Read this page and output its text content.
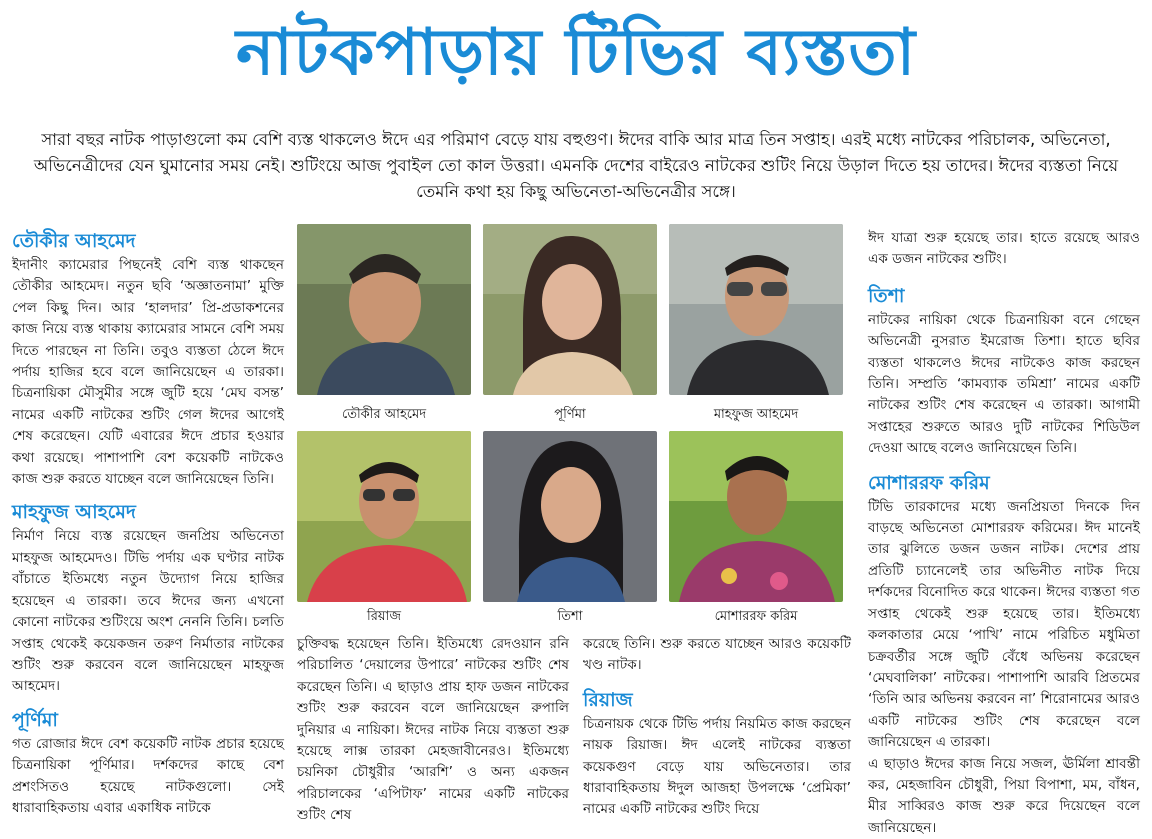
নাটকপাড়ায় টিভির ব্যস্ততা
সারা বছর নাটক পাড়াগুলো কম বেশি ব্যস্ত থাকলেও ঈদে এর পরিমাণ বেড়ে যায় বহুগুণ। ঈদের বাকি আর মাত্র তিন সপ্তাহ। এরই মধ্যে নাটকের পরিচালক, অভিনেতা, অভিনেত্রীদের যেন ঘুমানোর সময় নেই। শুটিংয়ে আজ পুবাইল তো কাল উত্তরা। এমনকি দেশের বাইরেও নাটকের শুটিং নিয়ে উড়াল দিতে হয় তাদের। ঈদের ব্যস্ততা নিয়ে তেমনি কথা হয় কিছু অভিনেতা-অভিনেত্রীর সঙ্গে।
তৌকীর আহমেদ

ইদানীং ক্যামেরার পিছনেই বেশি ব্যস্ত থাকছেন তৌকীর আহমেদ। নতুন ছবি ‘অজ্ঞাতনামা’ মুক্তি পেল কিছু দিন। আর ‘হালদার’ প্রি-প্রডাকশনের কাজ নিয়ে ব্যস্ত থাকায় ক্যামেরার সামনে বেশি সময় দিতে পারছেন না তিনি। তবুও ব্যস্ততা ঠেলে ঈদে পর্দায় হাজির হবে বলে জানিয়েছেন এ তারকা। চিত্রনায়িকা মৌসুমীর সঙ্গে জুটি হয়ে ‘মেঘ বসন্ত’ নামের একটি নাটকের শুটিং গেল ঈদের আগেই শেষ করেছেন। যেটি এবারের ঈদে প্রচার হওয়ার কথা রয়েছে। পাশাপাশি বেশ কয়েকটি নাটকেও কাজ শুরু করতে যাচ্ছেন বলে জানিয়েছেন তিনি।

মাহফুজ আহমেদ

নির্মাণ নিয়ে ব্যস্ত রয়েছেন জনপ্রিয় অভিনেতা মাহফুজ আহমেদও। টিভি পর্দায় এক ঘণ্টার নাটক বাঁচাতে ইতিমধ্যে নতুন উদ্যোগ নিয়ে হাজির হয়েছেন এ তারকা। তবে ঈদের জন্য এখনো কোনো নাটকের শুটিংয়ে অংশ নেননি তিনি। চলতি সপ্তাহ থেকেই কয়েকজন তরুণ নির্মাতার নাটকের শুটিং শুরু করবেন বলে জানিয়েছেন মাহফুজ আহমেদ।

পূর্ণিমা

গত রোজার ঈদে বেশ কয়েকটি নাটক প্রচার হয়েছে চিত্রনায়িকা পূর্ণিমার। দর্শকদের কাছে বেশ প্রশংসিতও হয়েছে নাটকগুলো। সেই ধারাবাহিকতায় এবার একাধিক নাটকে

তৌকীর আহমেদ	পূর্ণিমা	মাহফুজ আহমেদ
রিয়াজ	তিশা	মোশাররফ করিম

চুক্তিবদ্ধ হয়েছেন তিনি। ইতিমধ্যে রেদওয়ান রনি পরিচালিত ‘দেয়ালের উপারে’ নাটকের শুটিং শেষ করেছেন তিনি। এ ছাড়াও প্রায় হাফ ডজন নাটকের শুটিং শুরু করবেন বলে জানিয়েছেন রুপালি দুনিয়ার এ নায়িকা। ঈদের নাটক নিয়ে ব্যস্ততা শুরু হয়েছে লাক্স তারকা মেহজাবীনেরও। ইতিমধ্যে চয়নিকা চৌধুরীর ‘আরশি’ ও অন্য একজন পরিচালকের ‘এপিটাফ’ নামের একটি নাটকের শুটিং শেষ

করেছে তিনি। শুরু করতে যাচ্ছেন আরও কয়েকটি খণ্ড নাটক।

রিয়াজ

চিত্রনায়ক থেকে টিভি পর্দায় নিয়মিত কাজ করছেন নায়ক রিয়াজ। ঈদ এলেই নাটকের ব্যস্ততা কয়েকগুণ বেড়ে যায় অভিনেতার। তার ধারাবাহিকতায় ঈদুল আজহা উপলক্ষে ‘প্রেমিকা’ নামের একটি নাটকের শুটিং দিয়ে

ঈদ যাত্রা শুরু হয়েছে তার। হাতে রয়েছে আরও এক ডজন নাটকের শুটিং।

তিশা

নাটকের নায়িকা থেকে চিত্রনায়িকা বনে গেছেন অভিনেত্রী নুসরাত ইমরোজ তিশা। হাতে ছবির ব্যস্ততা থাকলেও ঈদের নাটকেও কাজ করছেন তিনি। সম্প্রতি ‘কামব্যাক তমিশ্রা’ নামের একটি নাটকের শুটিং শেষ করেছেন এ তারকা। আগামী সপ্তাহের শুরুতে আরও দুটি নাটকের শিডিউল দেওয়া আছে বলেও জানিয়েছেন তিনি।

মোশাররফ করিম

টিভি তারকাদের মধ্যে জনপ্রিয়তা দিনকে দিন বাড়ছে অভিনেতা মোশাররফ করিমের। ঈদ মানেই তার ঝুলিতে ডজন ডজন নাটক। দেশের প্রায় প্রতিটি চ্যানেলেই তার অভিনীত নাটক দিয়ে দর্শকদের বিনোদিত করে থাকেন। ঈদের ব্যস্ততা গত সপ্তাহ থেকেই শুরু হয়েছে তার। ইতিমধ্যে কলকাতার মেয়ে ‘পাখি’ নামে পরিচিত মধুমিতা চক্রবর্তীর সঙ্গে জুটি বেঁধে অভিনয় করেছেন ‘মেঘবালিকা’ নাটকের। পাশাপাশি আরবি প্রিতমের ‘তিনি আর অভিনয় করবেন না’ শিরোনামের আরও একটি নাটকের শুটিং শেষ করেছেন বলে জানিয়েছেন এ তারকা।

এ ছাড়াও ঈদের কাজ নিয়ে সজল, ঊর্মিলা শ্রাবন্তী কর, মেহজাবিন চৌধুরী, পিয়া বিপাশা, মম, বাঁধন, মীর সাব্বিরও কাজ শুরু করে দিয়েছেন বলে জানিয়েছেন।
